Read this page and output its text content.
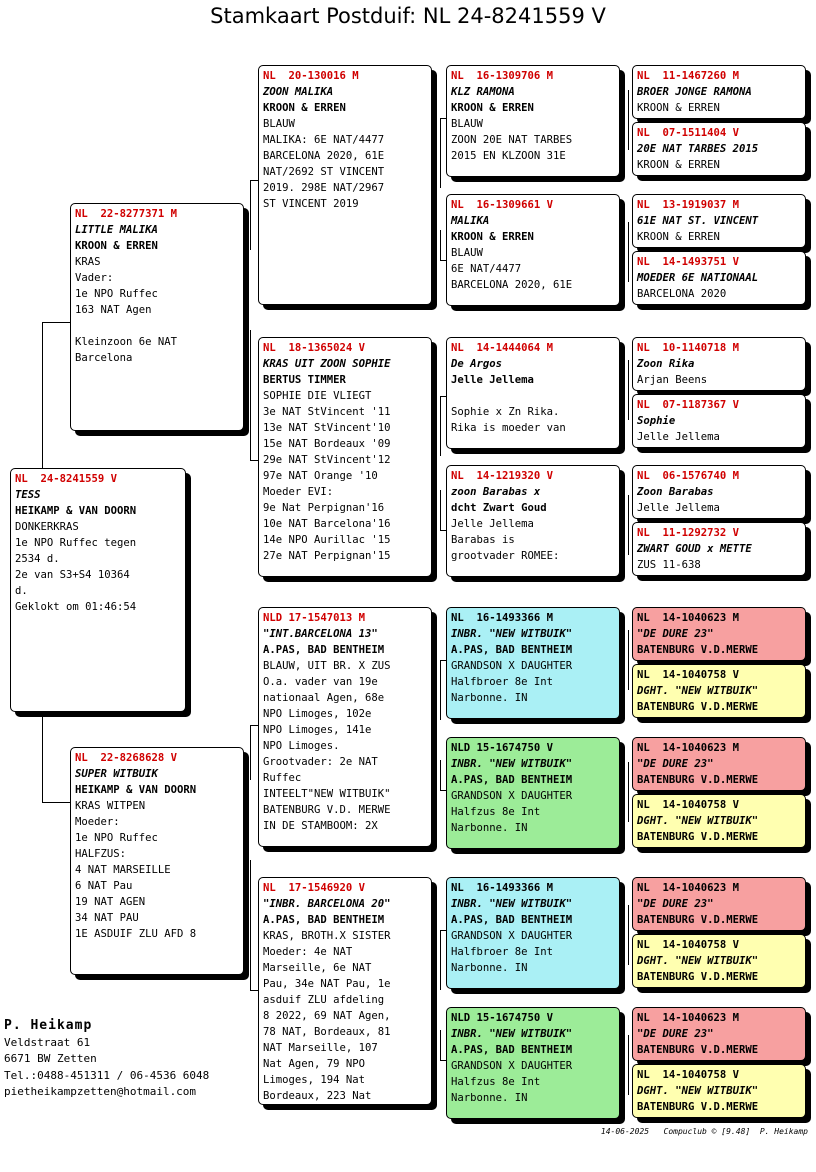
Stamkaart Postduif: NL 24-8241559 V
NL  24-8241559 V
TESS
HEIKAMP & VAN DOORN
DONKERKRAS
1e NPO Ruffec tegen
2534 d.
2e van S3+S4 10364
d.
Geklokt om 01:46:54
NL  22-8277371 M
LITTLE MALIKA
KROON & ERREN
KRAS
Vader:
1e NPO Ruffec
163 NAT Agen

Kleinzoon 6e NAT
Barcelona
NL  22-8268628 V
SUPER WITBUIK
HEIKAMP & VAN DOORN
KRAS WITPEN
Moeder:
1e NPO Ruffec
HALFZUS:
4 NAT MARSEILLE
6 NAT Pau
19 NAT AGEN
34 NAT PAU
1E ASDUIF ZLU AFD 8
NL  20-130016 M
ZOON MALIKA
KROON & ERREN
BLAUW
MALIKA: 6E NAT/4477
BARCELONA 2020, 61E
NAT/2692 ST VINCENT
2019. 298E NAT/2967
ST VINCENT 2019
NL  18-1365024 V
KRAS UIT ZOON SOPHIE
BERTUS TIMMER
SOPHIE DIE VLIEGT
3e NAT StVincent '11
13e NAT StVincent'10
15e NAT Bordeaux '09
29e NAT StVincent'12
97e NAT Orange '10
Moeder EVI:
9e Nat Perpignan'16
10e NAT Barcelona'16
14e NPO Aurillac '15
27e NAT Perpignan'15
NLD 17-1547013 M
"INT.BARCELONA 13"
A.PAS, BAD BENTHEIM
BLAUW, UIT BR. X ZUS
O.a. vader van 19e
nationaal Agen, 68e
NPO Limoges, 102e
NPO Limoges, 141e
NPO Limoges.
Grootvader: 2e NAT
Ruffec
INTEELT"NEW WITBUIK"
BATENBURG V.D. MERWE
IN DE STAMBOOM: 2X
NL  17-1546920 V
"INBR. BARCELONA 20"
A.PAS, BAD BENTHEIM
KRAS, BROTH.X SISTER
Moeder: 4e NAT
Marseille, 6e NAT
Pau, 34e NAT Pau, 1e
asduif ZLU afdeling
8 2022, 69 NAT Agen,
78 NAT, Bordeaux, 81
NAT Marseille, 107
Nat Agen, 79 NPO
Limoges, 194 Nat
Bordeaux, 223 Nat
NL  16-1309706 M
KLZ RAMONA
KROON & ERREN
BLAUW
ZOON 20E NAT TARBES
2015 EN KLZOON 31E
NL  16-1309661 V
MALIKA
KROON & ERREN
BLAUW
6E NAT/4477
BARCELONA 2020, 61E
NL  14-1444064 M
De Argos
Jelle Jellema

Sophie x Zn Rika.
Rika is moeder van
NL  14-1219320 V
zoon Barabas x
dcht Zwart Goud
Jelle Jellema
Barabas is
grootvader ROMEE:
NL  16-1493366 M
INBR. "NEW WITBUIK"
A.PAS, BAD BENTHEIM
GRANDSON X DAUGHTER
Halfbroer 8e Int
Narbonne. IN
NLD 15-1674750 V
INBR. "NEW WITBUIK"
A.PAS, BAD BENTHEIM
GRANDSON X DAUGHTER
Halfzus 8e Int
Narbonne. IN
NL  16-1493366 M
INBR. "NEW WITBUIK"
A.PAS, BAD BENTHEIM
GRANDSON X DAUGHTER
Halfbroer 8e Int
Narbonne. IN
NLD 15-1674750 V
INBR. "NEW WITBUIK"
A.PAS, BAD BENTHEIM
GRANDSON X DAUGHTER
Halfzus 8e Int
Narbonne. IN
NL  11-1467260 M
BROER JONGE RAMONA
KROON & ERREN
NL  07-1511404 V
20E NAT TARBES 2015
KROON & ERREN
NL  13-1919037 M
61E NAT ST. VINCENT
KROON & ERREN
NL  14-1493751 V
MOEDER 6E NATIONAAL
BARCELONA 2020
NL  10-1140718 M
Zoon Rika
Arjan Beens
NL  07-1187367 V
Sophie
Jelle Jellema
NL  06-1576740 M
Zoon Barabas
Jelle Jellema
NL  11-1292732 V
ZWART GOUD x METTE
ZUS 11-638
NL  14-1040623 M
"DE DURE 23"
BATENBURG V.D.MERWE
NL  14-1040758 V
DGHT. "NEW WITBUIK"
BATENBURG V.D.MERWE
NL  14-1040623 M
"DE DURE 23"
BATENBURG V.D.MERWE
NL  14-1040758 V
DGHT. "NEW WITBUIK"
BATENBURG V.D.MERWE
NL  14-1040623 M
"DE DURE 23"
BATENBURG V.D.MERWE
NL  14-1040758 V
DGHT. "NEW WITBUIK"
BATENBURG V.D.MERWE
NL  14-1040623 M
"DE DURE 23"
BATENBURG V.D.MERWE
NL  14-1040758 V
DGHT. "NEW WITBUIK"
BATENBURG V.D.MERWE
P. Heikamp
Veldstraat 61
6671 BW Zetten
Tel.:0488-451311 / 06-4536 6048
pietheikampzetten@hotmail.com
14-06-2025   Compuclub © [9.48]  P. Heikamp
